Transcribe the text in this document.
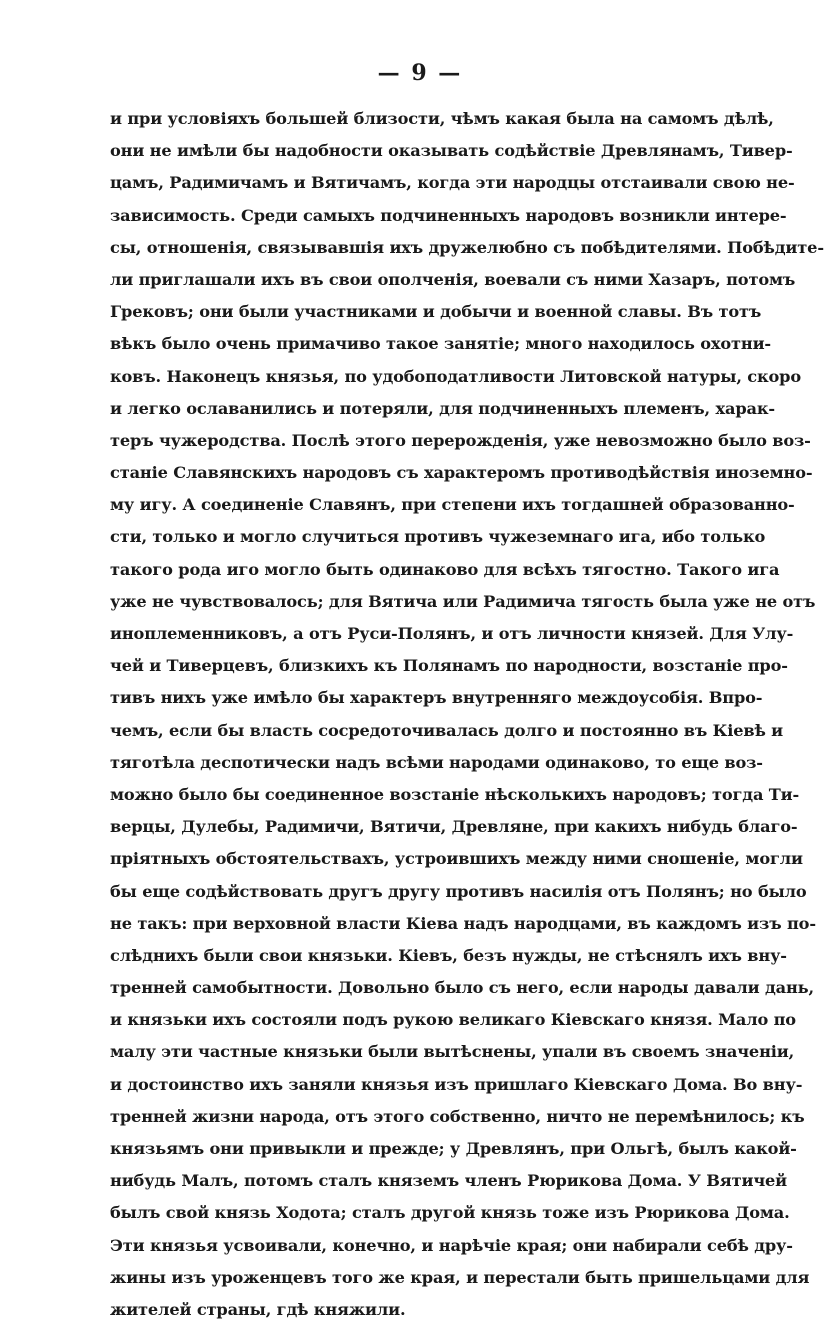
— 9 —
и при условіяхъ большей близости, чѣмъ какая была на самомъ дѣлѣ,
они не имѣли бы надобности оказывать содѣйствіе Древлянамъ, Тивер-
цамъ, Радимичамъ и Вятичамъ, когда эти народцы отстаивали свою не-
зависимость. Среди самыхъ подчиненныхъ народовъ возникли интере-
сы, отношенія, связывавшія ихъ дружелюбно съ побѣдителями. Побѣдите-
ли приглашали ихъ въ свои ополченія, воевали съ ними Хазаръ, потомъ
Грековъ; они были участниками и добычи и военной славы. Въ тотъ
вѣкъ было очень примачиво такое занятіе; много находилось охотни-
ковъ. Наконецъ князья, по удобоподатливости Литовской натуры, скоро
и легко ославанились и потеряли, для подчиненныхъ племенъ, харак-
теръ чужеродства. Послѣ этого перерожденія, уже невозможно было воз-
станіе Славянскихъ народовъ съ характеромъ противодѣйствія иноземно-
му игу. А соединеніе Славянъ, при степени ихъ тогдашней образованно-
сти, только и могло случиться противъ чужеземнаго ига, ибо только
такого рода иго могло быть одинаково для всѣхъ тягостно. Такого ига
уже не чувствовалось; для Вятича или Радимича тягость была уже не отъ
иноплеменниковъ, а отъ Руси-Полянъ, и отъ личности князей. Для Улу-
чей и Тиверцевъ, близкихъ къ Полянамъ по народности, возстаніе про-
тивъ нихъ уже имѣло бы характеръ внутренняго междоусобія. Впро-
чемъ, если бы власть сосредоточивалась долго и постоянно въ Кіевѣ и
тяготѣла деспотически надъ всѣми народами одинаково, то еще воз-
можно было бы соединенное возстаніе нѣсколькихъ народовъ; тогда Ти-
верцы, Дулебы, Радимичи, Вятичи, Древляне, при какихъ нибудь благо-
пріятныхъ обстоятельствахъ, устроившихъ между ними сношеніе, могли
бы еще содѣйствовать другъ другу противъ насилія отъ Полянъ; но было
не такъ: при верховной власти Кіева надъ народцами, въ каждомъ изъ по-
слѣднихъ были свои князьки. Кіевъ, безъ нужды, не стѣснялъ ихъ вну-
тренней самобытности. Довольно было съ него, если народы давали дань,
и князьки ихъ состояли подъ рукою великаго Кіевскаго князя. Мало по
малу эти частные князьки были вытѣснены, упали въ своемъ значеніи,
и достоинство ихъ заняли князья изъ пришлаго Кіевскаго Дома. Во вну-
тренней жизни народа, отъ этого собственно, ничто не перемѣнилось; къ
князьямъ они привыкли и прежде; у Древлянъ, при Ольгѣ, былъ какой-
нибудь Малъ, потомъ сталъ княземъ членъ Рюрикова Дома. У Вятичей
былъ свой князь Ходота; сталъ другой князь тоже изъ Рюрикова Дома.
Эти князья усвоивали, конечно, и нарѣчіе края; они набирали себѣ дру-
жины изъ уроженцевъ того же края, и перестали быть пришельцами для
жителей страны, гдѣ княжили.
